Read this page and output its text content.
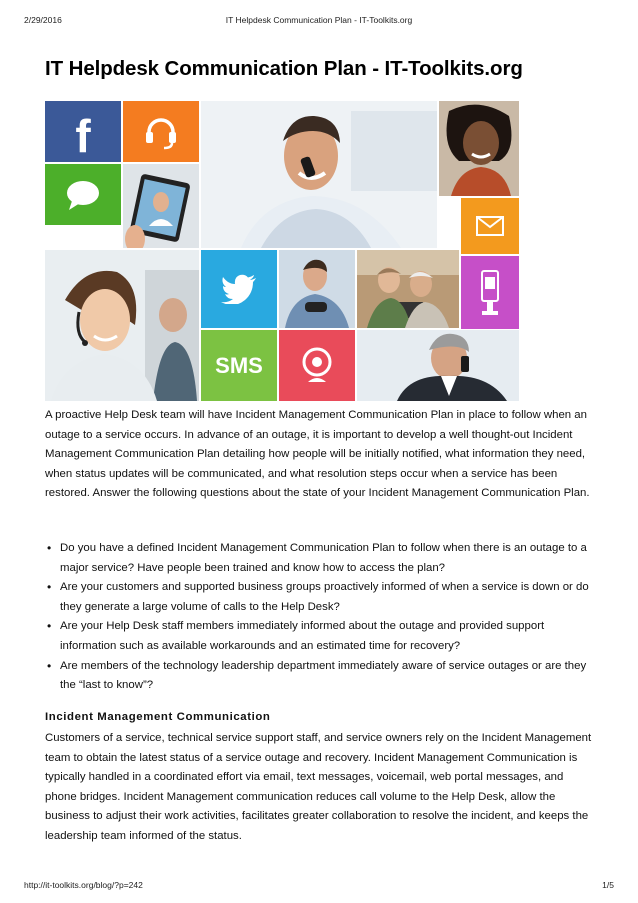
2/29/2016	IT Helpdesk Communication Plan - IT-Toolkits.org
IT Helpdesk Communication Plan - IT-Toolkits.org
f
SMS

A proactive Help Desk team will have Incident Management Communication Plan in place to follow when an outage to a service occurs. In advance of an outage, it is important to develop a well thought-out Incident Management Communication Plan detailing how people will be initially notified, what information they need, when status updates will be communicated, and what resolution steps occur when a service has been restored. Answer the following questions about the state of your Incident Management Communication Plan.

• Do you have a defined Incident Management Communication Plan to follow when there is an outage to a major service? Have people been trained and know how to access the plan?
• Are your customers and supported business groups proactively informed of when a service is down or do they generate a large volume of calls to the Help Desk?
• Are your Help Desk staff members immediately informed about the outage and provided support information such as available workarounds and an estimated time for recovery?
• Are members of the technology leadership department immediately aware of service outages or are they the “last to know”?
Incident Management Communication

Customers of a service, technical service support staff, and service owners rely on the Incident Management team to obtain the latest status of a service outage and recovery. Incident Management Communication is typically handled in a coordinated effort via email, text messages, voicemail, web portal messages, and phone bridges. Incident Management communication reduces call volume to the Help Desk, allow the business to adjust their work activities, facilitates greater collaboration to resolve the incident, and keeps the leadership team informed of the status.

http://it-toolkits.org/blog/?p=242	1/5
